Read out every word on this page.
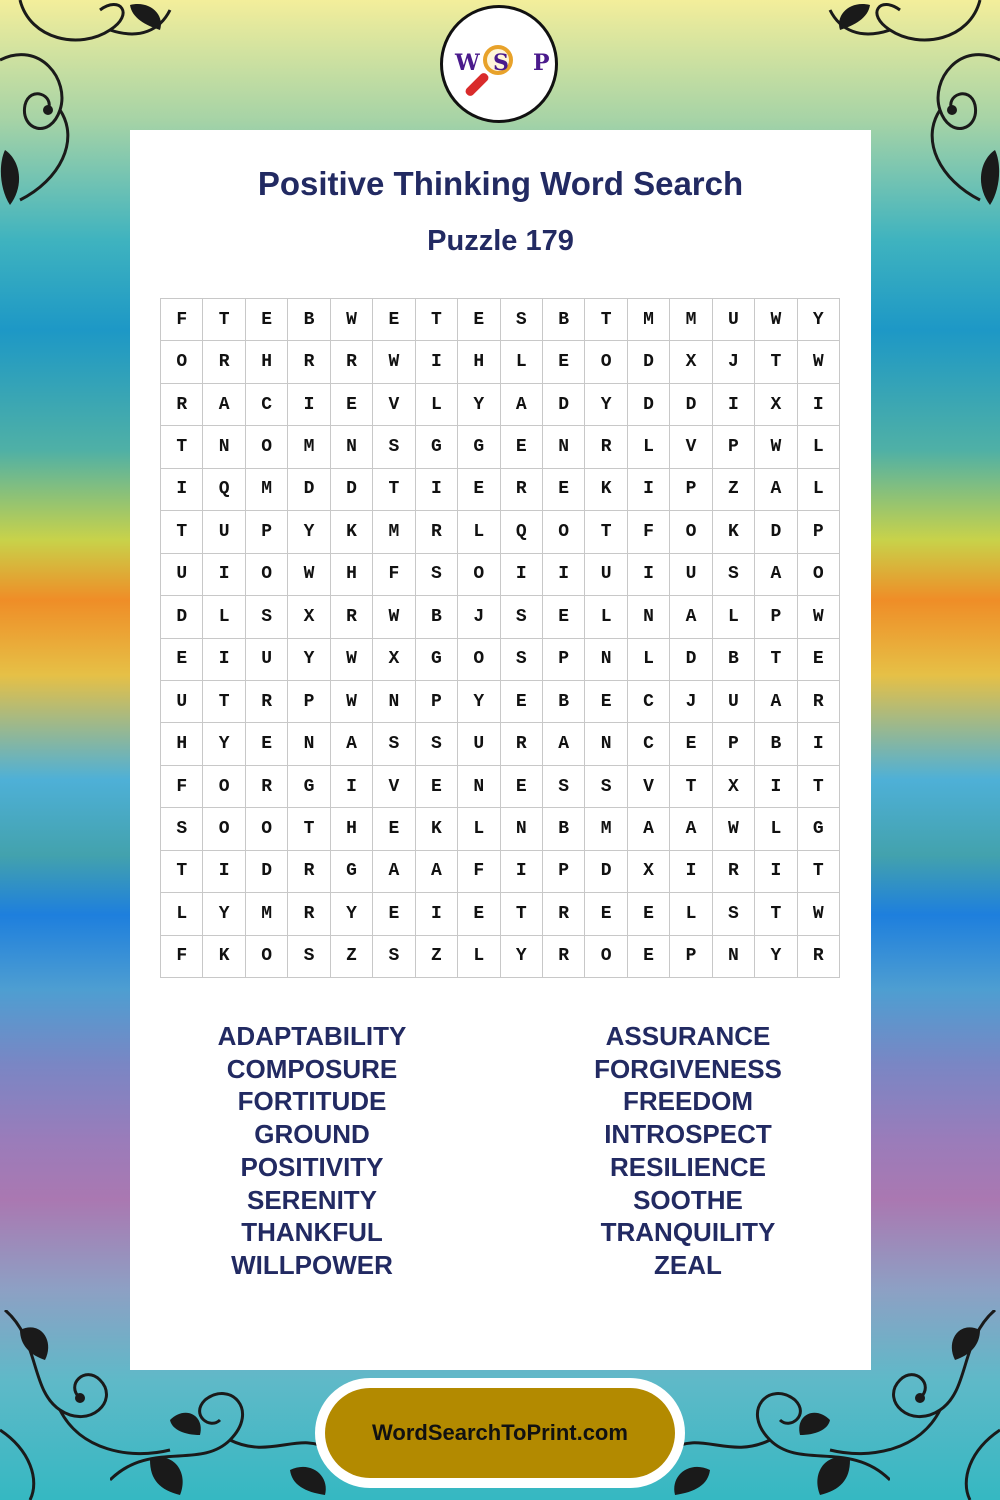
W S P
Positive Thinking Word Search
Puzzle 179
F	T	E	B	W	E	T	E	S	B	T	M	M	U	W	Y
O	R	H	R	R	W	I	H	L	E	O	D	X	J	T	W
R	A	C	I	E	V	L	Y	A	D	Y	D	D	I	X	I
T	N	O	M	N	S	G	G	E	N	R	L	V	P	W	L
I	Q	M	D	D	T	I	E	R	E	K	I	P	Z	A	L
T	U	P	Y	K	M	R	L	Q	O	T	F	O	K	D	P
U	I	O	W	H	F	S	O	I	I	U	I	U	S	A	O
D	L	S	X	R	W	B	J	S	E	L	N	A	L	P	W
E	I	U	Y	W	X	G	O	S	P	N	L	D	B	T	E
U	T	R	P	W	N	P	Y	E	B	E	C	J	U	A	R
H	Y	E	N	A	S	S	U	R	A	N	C	E	P	B	I
F	O	R	G	I	V	E	N	E	S	S	V	T	X	I	T
S	O	O	T	H	E	K	L	N	B	M	A	A	W	L	G
T	I	D	R	G	A	A	F	I	P	D	X	I	R	I	T
L	Y	M	R	Y	E	I	E	T	R	E	E	L	S	T	W
F	K	O	S	Z	S	Z	L	Y	R	O	E	P	N	Y	R
ADAPTABILITY
COMPOSURE
FORTITUDE
GROUND
POSITIVITY
SERENITY
THANKFUL
WILLPOWER
ASSURANCE
FORGIVENESS
FREEDOM
INTROSPECT
RESILIENCE
SOOTHE
TRANQUILITY
ZEAL
WordSearchToPrint.com
